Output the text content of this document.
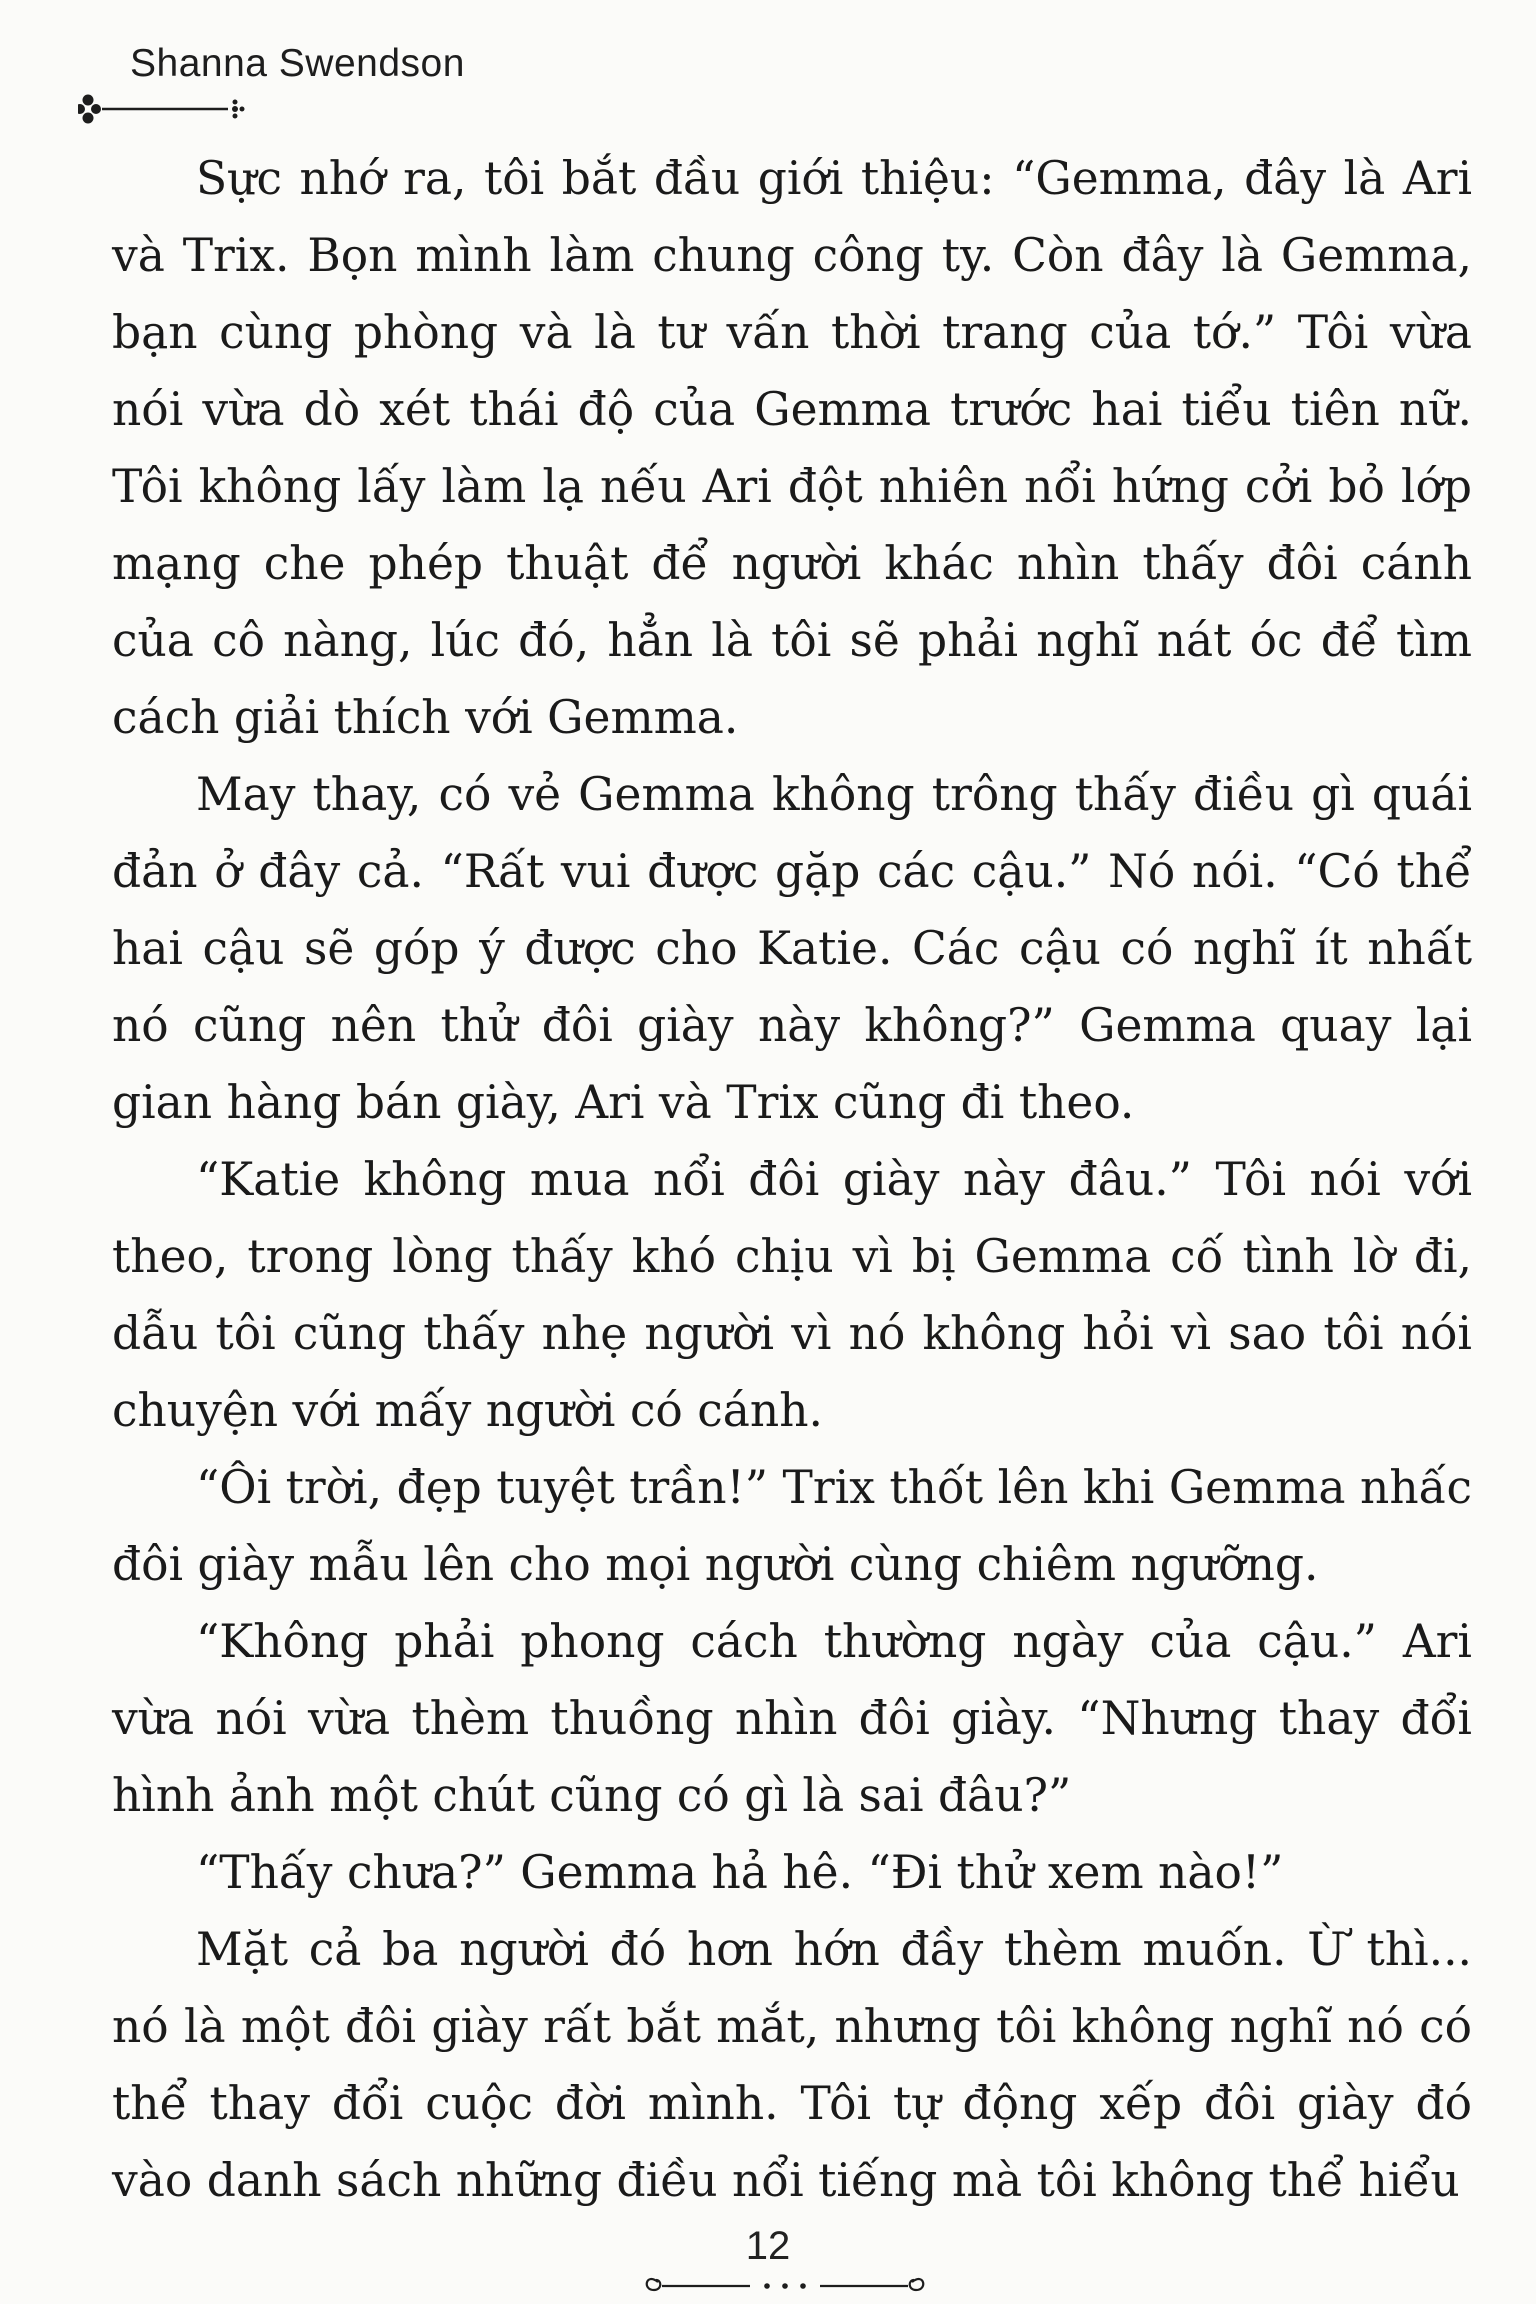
Shanna Swendson

Sực nhớ ra, tôi bắt đầu giới thiệu: “Gemma, đây là Ari và Trix. Bọn mình làm chung công ty. Còn đây là Gemma, bạn cùng phòng và là tư vấn thời trang của tớ.” Tôi vừa nói vừa dò xét thái độ của Gemma trước hai tiểu tiên nữ. Tôi không lấy làm lạ nếu Ari đột nhiên nổi hứng cởi bỏ lớp mạng che phép thuật để người khác nhìn thấy đôi cánh của cô nàng, lúc đó, hẳn là tôi sẽ phải nghĩ nát óc để tìm cách giải thích với Gemma.

May thay, có vẻ Gemma không trông thấy điều gì quái đản ở đây cả. “Rất vui được gặp các cậu.” Nó nói. “Có thể hai cậu sẽ góp ý được cho Katie. Các cậu có nghĩ ít nhất nó cũng nên thử đôi giày này không?” Gemma quay lại gian hàng bán giày, Ari và Trix cũng đi theo.

“Katie không mua nổi đôi giày này đâu.” Tôi nói với theo, trong lòng thấy khó chịu vì bị Gemma cố tình lờ đi, dẫu tôi cũng thấy nhẹ người vì nó không hỏi vì sao tôi nói chuyện với mấy người có cánh.

“Ôi trời, đẹp tuyệt trần!” Trix thốt lên khi Gemma nhấc đôi giày mẫu lên cho mọi người cùng chiêm ngưỡng.

“Không phải phong cách thường ngày của cậu.” Ari vừa nói vừa thèm thuồng nhìn đôi giày. “Nhưng thay đổi hình ảnh một chút cũng có gì là sai đâu?”

“Thấy chưa?” Gemma hả hê. “Đi thử xem nào!”

Mặt cả ba người đó hơn hớn đầy thèm muốn. Ừ thì... nó là một đôi giày rất bắt mắt, nhưng tôi không nghĩ nó có thể thay đổi cuộc đời mình. Tôi tự động xếp đôi giày đó vào danh sách những điều nổi tiếng mà tôi không thể hiểu

12
